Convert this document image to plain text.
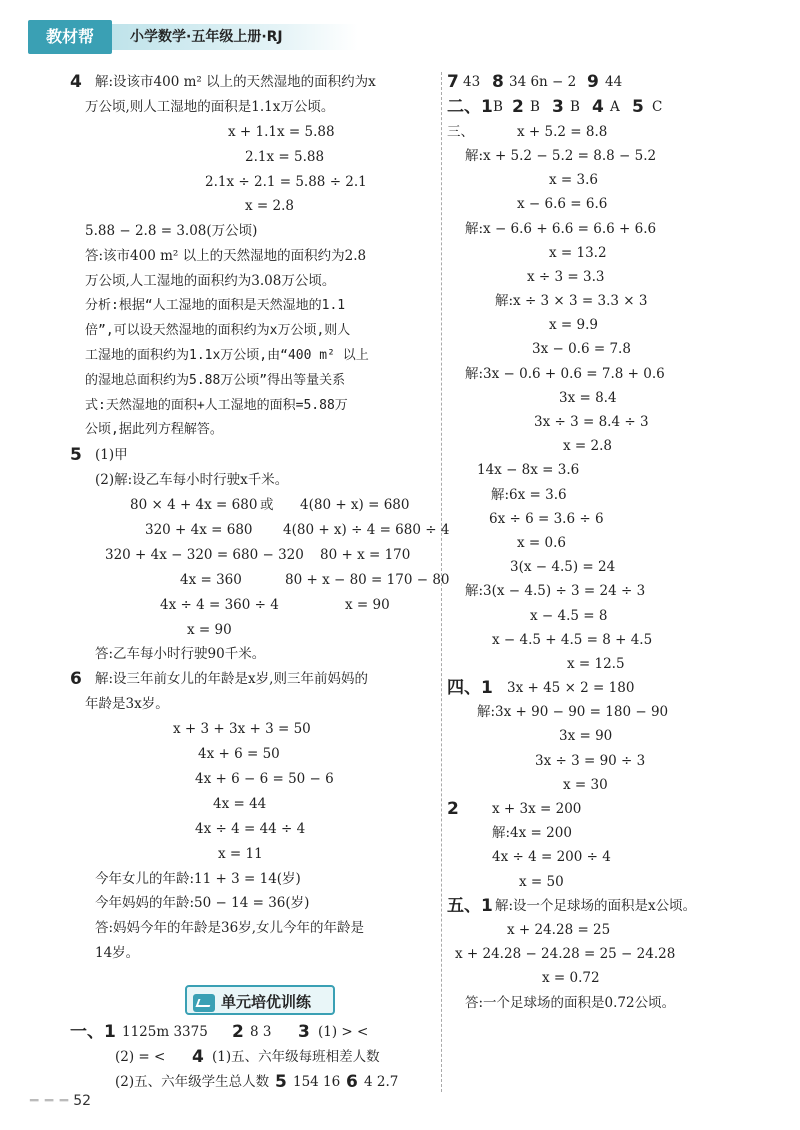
教材帮	小学数学·五年级上册·RJ
4 解:设该市400 m² 以上的天然湿地的面积约为x
万公顷,则人工湿地的面积是1.1x万公顷。
x + 1.1x = 5.88
2.1x = 5.88
2.1x ÷ 2.1 = 5.88 ÷ 2.1
x = 2.8
5.88 − 2.8 = 3.08(万公顷)
答:该市400 m² 以上的天然湿地的面积约为2.8
万公顷,人工湿地的面积约为3.08万公顷。
分析:根据“人工湿地的面积是天然湿地的1.1
倍”,可以设天然湿地的面积约为x万公顷,则人
工湿地的面积约为1.1x万公顷,由“400 m² 以上
的湿地总面积约为5.88万公顷”得出等量关系
式:天然湿地的面积+人工湿地的面积=5.88万
公顷,据此列方程解答。
5 (1)甲
(2)解:设乙车每小时行驶x千米。
80 × 4 + 4x = 680 或 4(80 + x) = 680
320 + 4x = 680 4(80 + x) ÷ 4 = 680 ÷ 4
320 + 4x − 320 = 680 − 320 80 + x = 170
4x = 360	80 + x − 80 = 170 − 80
4x ÷ 4 = 360 ÷ 4	x = 90
x = 90
答:乙车每小时行驶90千米。
6 解:设三年前女儿的年龄是x岁,则三年前妈妈的
年龄是3x岁。
x + 3 + 3x + 3 = 50
4x + 6 = 50
4x + 6 − 6 = 50 − 6
4x = 44
4x ÷ 4 = 44 ÷ 4
x = 11
今年女儿的年龄:11 + 3 = 14(岁)
今年妈妈的年龄:50 − 14 = 36(岁)
答:妈妈今年的年龄是36岁,女儿今年的年龄是
14岁。
单元培优训练
一、1 1125m 3375 2 8 3 3 (1) > <
(2) = < 4 (1)五、六年级每班相差人数
(2)五、六年级学生总人数 5 154 16 6 4 2.7
7 43 8 34 6n − 2 9 44
二、1 B 2 B 3 B 4 A 5 C
三、	x + 5.2 = 8.8
解:x + 5.2 − 5.2 = 8.8 − 5.2
x = 3.6
x − 6.6 = 6.6
解:x − 6.6 + 6.6 = 6.6 + 6.6
x = 13.2
x ÷ 3 = 3.3
解:x ÷ 3 × 3 = 3.3 × 3
x = 9.9
3x − 0.6 = 7.8
解:3x − 0.6 + 0.6 = 7.8 + 0.6
3x = 8.4
3x ÷ 3 = 8.4 ÷ 3
x = 2.8
14x − 8x = 3.6
解:6x = 3.6
6x ÷ 6 = 3.6 ÷ 6
x = 0.6
3(x − 4.5) = 24
解:3(x − 4.5) ÷ 3 = 24 ÷ 3
x − 4.5 = 8
x − 4.5 + 4.5 = 8 + 4.5
x = 12.5
四、1 3x + 45 × 2 = 180
解:3x + 90 − 90 = 180 − 90
3x = 90
3x ÷ 3 = 90 ÷ 3
x = 30
2 x + 3x = 200
解:4x = 200
4x ÷ 4 = 200 ÷ 4
x = 50
五、1 解:设一个足球场的面积是x公顷。
x + 24.28 = 25
x + 24.28 − 24.28 = 25 − 24.28
x = 0.72
答:一个足球场的面积是0.72公顷。
━ ━ ━ 52
